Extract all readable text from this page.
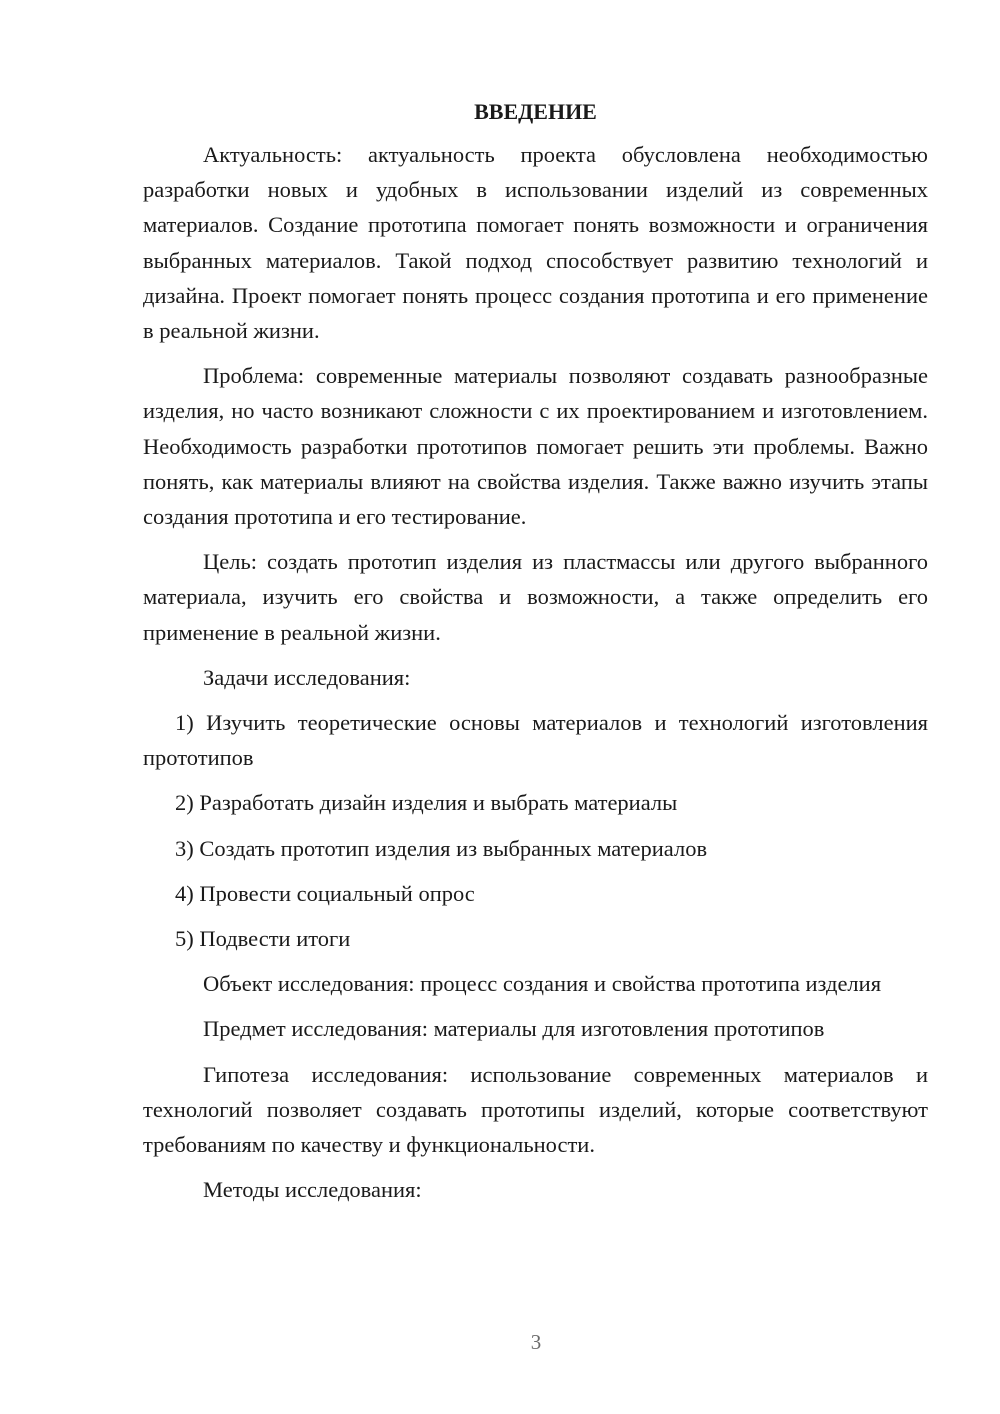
ВВЕДЕНИЕ

Актуальность: актуальность проекта обусловлена необходимостью разработки новых и удобных в использовании изделий из современных материалов. Создание прототипа помогает понять возможности и ограничения выбранных материалов. Такой подход способствует развитию технологий и дизайна. Проект помогает понять процесс создания прототипа и его применение в реальной жизни.

Проблема: современные материалы позволяют создавать разнообразные изделия, но часто возникают сложности с их проектированием и изготовлением. Необходимость разработки прототипов помогает решить эти проблемы. Важно понять, как материалы влияют на свойства изделия. Также важно изучить этапы создания прототипа и его тестирование.

Цель: создать прототип изделия из пластмассы или другого выбранного материала, изучить его свойства и возможности, а также определить его применение в реальной жизни.

Задачи исследования:

1) Изучить теоретические основы материалов и технологий изготовления прототипов

2) Разработать дизайн изделия и выбрать материалы

3) Создать прототип изделия из выбранных материалов

4) Провести социальный опрос

5) Подвести итоги

Объект исследования: процесс создания и свойства прототипа изделия

Предмет исследования: материалы для изготовления прототипов

Гипотеза исследования: использование современных материалов и технологий позволяет создавать прототипы изделий, которые соответствуют требованиям по качеству и функциональности.

Методы исследования:

3
